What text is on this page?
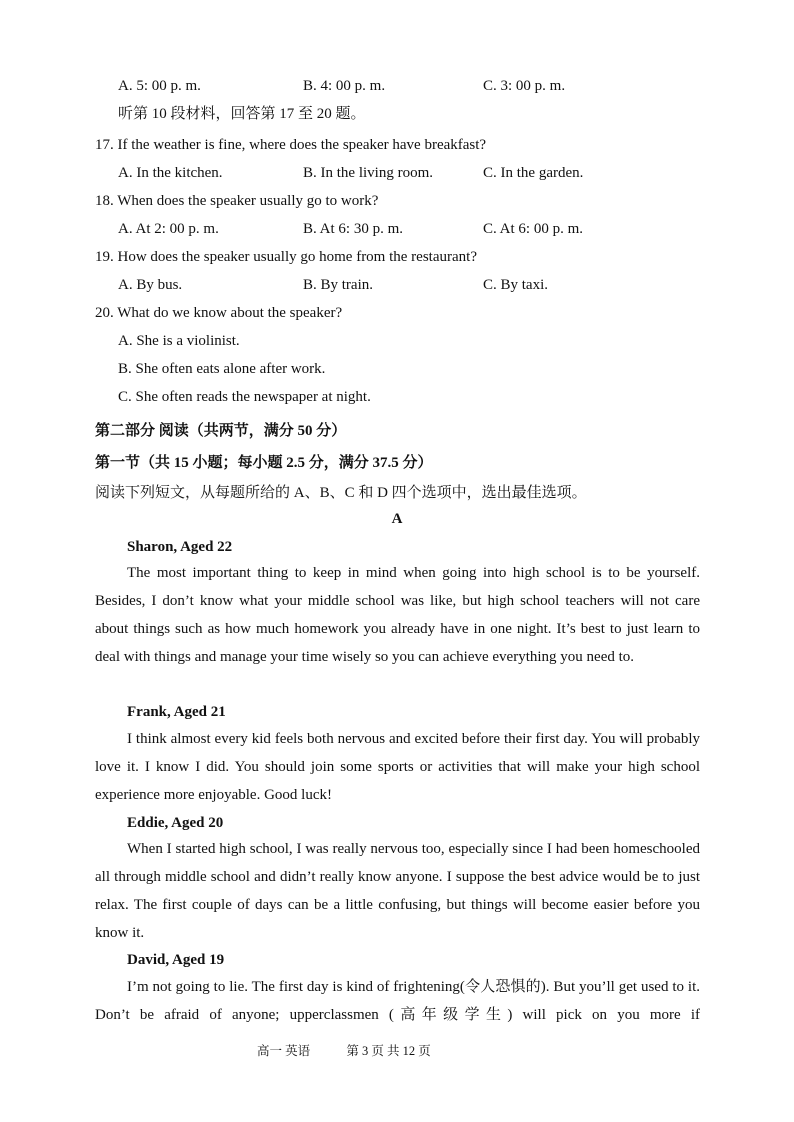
A. 5: 00 p. m.	B. 4: 00 p. m.	C. 3: 00 p. m.
听第 10 段材料，回答第 17 至 20 题。
17. If the weather is fine, where does the speaker have breakfast?
A. In the kitchen.	B. In the living room.	C. In the garden.
18. When does the speaker usually go to work?
A. At 2: 00 p. m.	B. At 6: 30 p. m.	C. At 6: 00 p. m.
19. How does the speaker usually go home from the restaurant?
A. By bus.	B. By train.	C. By taxi.
20. What do we know about the speaker?
A. She is a violinist.
B. She often eats alone after work.
C. She often reads the newspaper at night.
第二部分 阅读（共两节，满分 50 分）
第一节（共 15 小题；每小题 2.5 分，满分 37.5 分）
阅读下列短文，从每题所给的 A、B、C 和 D 四个选项中，选出最佳选项。
A
Sharon, Aged 22
The most important thing to keep in mind when going into high school is to be yourself. Besides, I don’t know what your middle school was like, but high school teachers will not care about things such as how much homework you already have in one night. It’s best to just learn to deal with things and manage your time wisely so you can achieve everything you need to.
Frank, Aged 21
I think almost every kid feels both nervous and excited before their first day. You will probably love it. I know I did. You should join some sports or activities that will make your high school experience more enjoyable. Good luck!
Eddie, Aged 20
When I started high school, I was really nervous too, especially since I had been homeschooled all through middle school and didn’t really know anyone. I suppose the best advice would be to just relax. The first couple of days can be a little confusing, but things will become easier before you know it.
David, Aged 19
I’m not going to lie. The first day is kind of frightening(令人恐惧的). But you’ll get used to it. Don’t be afraid of anyone; upperclassmen (高年级学生) will pick on you more if
高一 英语	第 3 页 共 12 页
